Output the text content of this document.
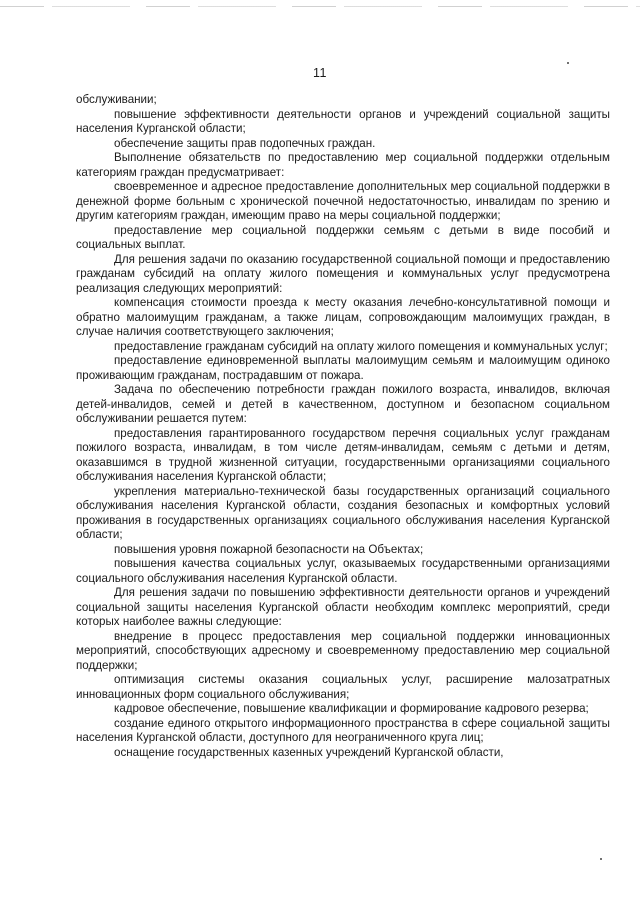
11

обслуживании;

повышение эффективности деятельности органов и учреждений социальной защиты населения Курганской области;

обеспечение защиты прав подопечных граждан.

Выполнение обязательств по предоставлению мер социальной поддержки отдельным категориям граждан предусматривает:

своевременное и адресное предоставление дополнительных мер социальной поддержки в денежной форме больным с хронической почечной недостаточностью, инвалидам по зрению и другим категориям граждан, имеющим право на меры социальной поддержки;

предоставление мер социальной поддержки семьям с детьми в виде пособий и социальных выплат.

Для решения задачи по оказанию государственной социальной помощи и предоставлению гражданам субсидий на оплату жилого помещения и коммунальных услуг предусмотрена реализация следующих мероприятий:

компенсация стоимости проезда к месту оказания лечебно-консультативной помощи и обратно малоимущим гражданам, а также лицам, сопровождающим малоимущих граждан, в случае наличия соответствующего заключения;

предоставление гражданам субсидий на оплату жилого помещения и коммунальных услуг;

предоставление единовременной выплаты малоимущим семьям и малоимущим одиноко проживающим гражданам, пострадавшим от пожара.

Задача по обеспечению потребности граждан пожилого возраста, инвалидов, включая детей-инвалидов, семей и детей в качественном, доступном и безопасном социальном обслуживании решается путем:

предоставления гарантированного государством перечня социальных услуг гражданам пожилого возраста, инвалидам, в том числе детям-инвалидам, семьям с детьми и детям, оказавшимся в трудной жизненной ситуации, государственными организациями социального обслуживания населения Курганской области;

укрепления материально-технической базы государственных организаций социального обслуживания населения Курганской области, создания безопасных и комфортных условий проживания в государственных организациях социального обслуживания населения Курганской области;

повышения уровня пожарной безопасности на Объектах;

повышения качества социальных услуг, оказываемых государственными организациями социального обслуживания населения Курганской области.

Для решения задачи по повышению эффективности деятельности органов и учреждений социальной защиты населения Курганской области необходим комплекс мероприятий, среди которых наиболее важны следующие:

внедрение в процесс предоставления мер социальной поддержки инновационных мероприятий, способствующих адресному и своевременному предоставлению мер социальной поддержки;

оптимизация системы оказания социальных услуг, расширение малозатратных инновационных форм социального обслуживания;

кадровое обеспечение, повышение квалификации и формирование кадрового резерва;

создание единого открытого информационного пространства в сфере социальной защиты населения Курганской области, доступного для неограниченного круга лиц;

оснащение государственных казенных учреждений Курганской области,
